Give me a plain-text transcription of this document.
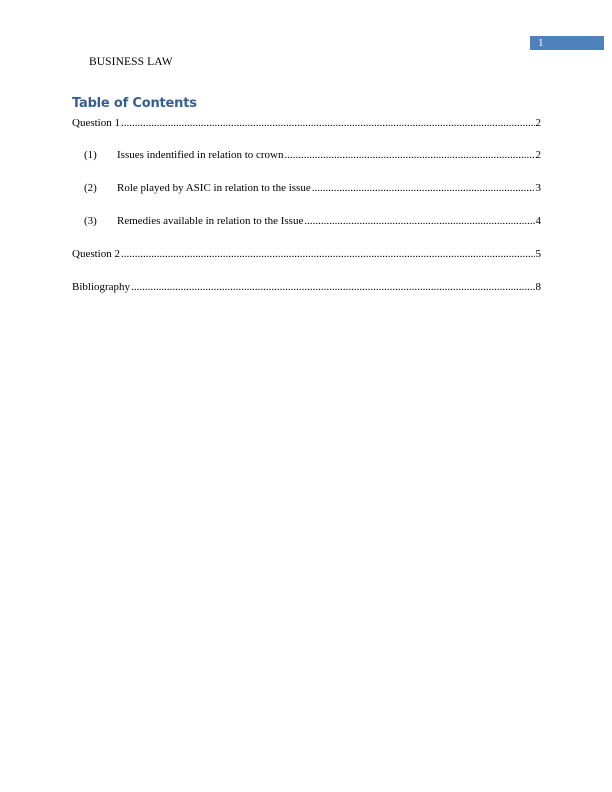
1
BUSINESS LAW
Table of Contents
Question 1 .....	2
(1)	Issues indentified in relation to crown .....	2
(2)	Role played by ASIC in relation to the issue .....	3
(3)	Remedies available in relation to the Issue .....	4
Question 2 .....	5
Bibliography .....	8
